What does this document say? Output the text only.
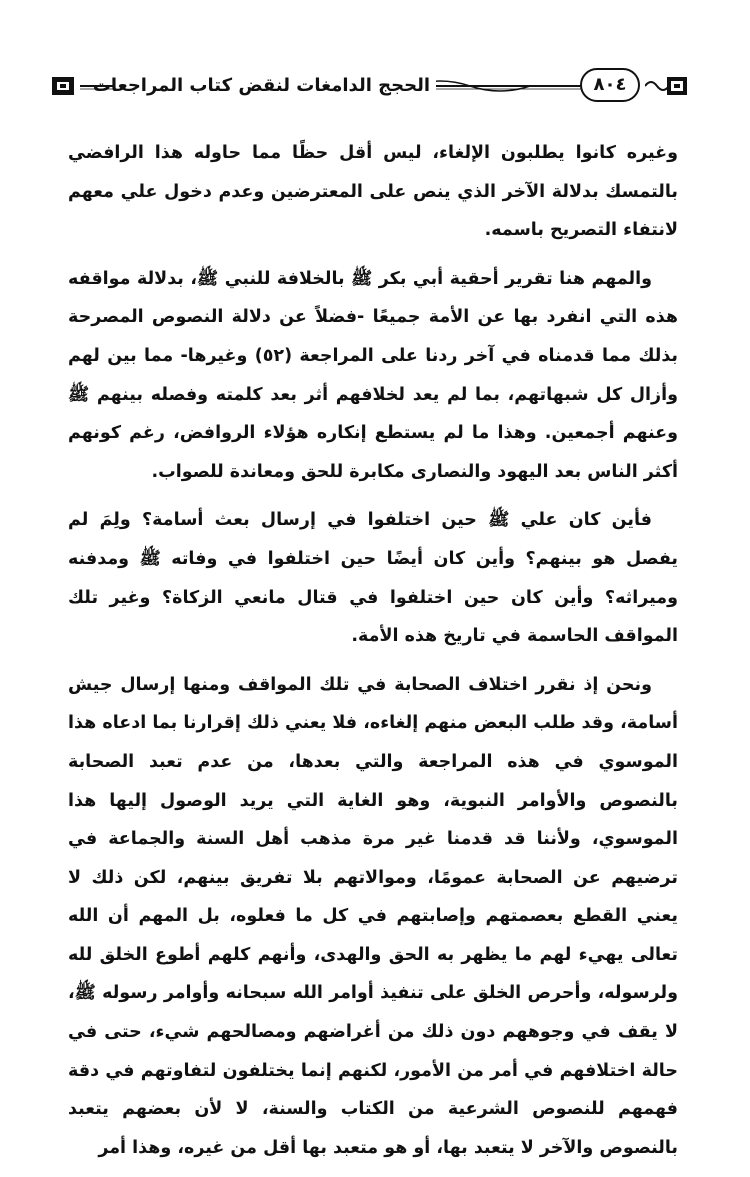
الحجج الدامغات لنقض كتاب المراجعات	٨٠٤

وغيره كانوا يطلبون الإلغاء، ليس أقل حظًا مما حاوله هذا الرافضي بالتمسك بدلالة الآخر الذي ينص على المعترضين وعدم دخول علي معهم لانتفاء التصريح باسمه.

والمهم هنا تقرير أحقية أبي بكر ﷺ بالخلافة للنبي ﷺ، بدلالة مواقفه هذه التي انفرد بها عن الأمة جميعًا -فضلاً عن دلالة النصوص المصرحة بذلك مما قدمناه في آخر ردنا على المراجعة (٥٢) وغيرها- مما بين لهم وأزال كل شبهاتهم، بما لم يعد لخلافهم أثر بعد كلمته وفصله بينهم ﷺ وعنهم أجمعين. وهذا ما لم يستطع إنكاره هؤلاء الروافض، رغم كونهم أكثر الناس بعد اليهود والنصارى مكابرة للحق ومعاندة للصواب.

فأين كان علي ﷺ حين اختلفوا في إرسال بعث أسامة؟ ولِمَ لم يفصل هو بينهم؟ وأين كان أيضًا حين اختلفوا في وفاته ﷺ ومدفنه وميراثه؟ وأين كان حين اختلفوا في قتال مانعي الزكاة؟ وغير تلك المواقف الحاسمة في تاريخ هذه الأمة.

ونحن إذ نقرر اختلاف الصحابة في تلك المواقف ومنها إرسال جيش أسامة، وقد طلب البعض منهم إلغاءه، فلا يعني ذلك إقرارنا بما ادعاه هذا الموسوي في هذه المراجعة والتي بعدها، من عدم تعبد الصحابة بالنصوص والأوامر النبوية، وهو الغاية التي يريد الوصول إليها هذا الموسوي، ولأننا قد قدمنا غير مرة مذهب أهل السنة والجماعة في ترضيهم عن الصحابة عمومًا، وموالاتهم بلا تفريق بينهم، لكن ذلك لا يعني القطع بعصمتهم وإصابتهم في كل ما فعلوه، بل المهم أن الله تعالى يهيء لهم ما يظهر به الحق والهدى، وأنهم كلهم أطوع الخلق لله ولرسوله، وأحرص الخلق على تنفيذ أوامر الله سبحانه وأوامر رسوله ﷺ، لا يقف في وجوههم دون ذلك من أغراضهم ومصالحهم شيء، حتى في حالة اختلافهم في أمر من الأمور، لكنهم إنما يختلفون لتفاوتهم في دقة فهمهم للنصوص الشرعية من الكتاب والسنة، لا لأن بعضهم يتعبد بالنصوص والآخر لا يتعبد بها، أو هو متعبد بها أقل من غيره، وهذا أمر
